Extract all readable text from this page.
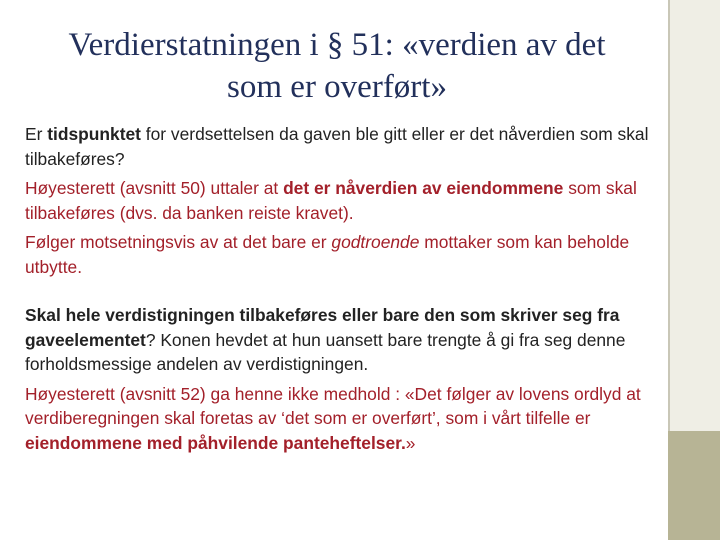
Verdierstatningen i § 51: «verdien av det
som er overført»

Er tidspunktet for verdsettelsen da gaven ble gitt eller er det nåverdien som skal tilbakeføres?

Høyesterett (avsnitt 50) uttaler at det er nåverdien av eiendommene som skal tilbakeføres (dvs. da banken reiste kravet).

Følger motsetningsvis av at det bare er godtroende mottaker som kan beholde utbytte.

Skal hele verdistigningen tilbakeføres eller bare den som skriver seg fra gaveelementet? Konen hevdet at hun uansett bare trengte å gi fra seg denne forholdsmessige andelen av verdistigningen.

Høyesterett (avsnitt 52) ga henne ikke medhold : «Det følger av lovens ordlyd at verdiberegningen skal foretas av ‘det som er overført’, som i vårt tilfelle er eiendommene med påhvilende panteheftelser.»
